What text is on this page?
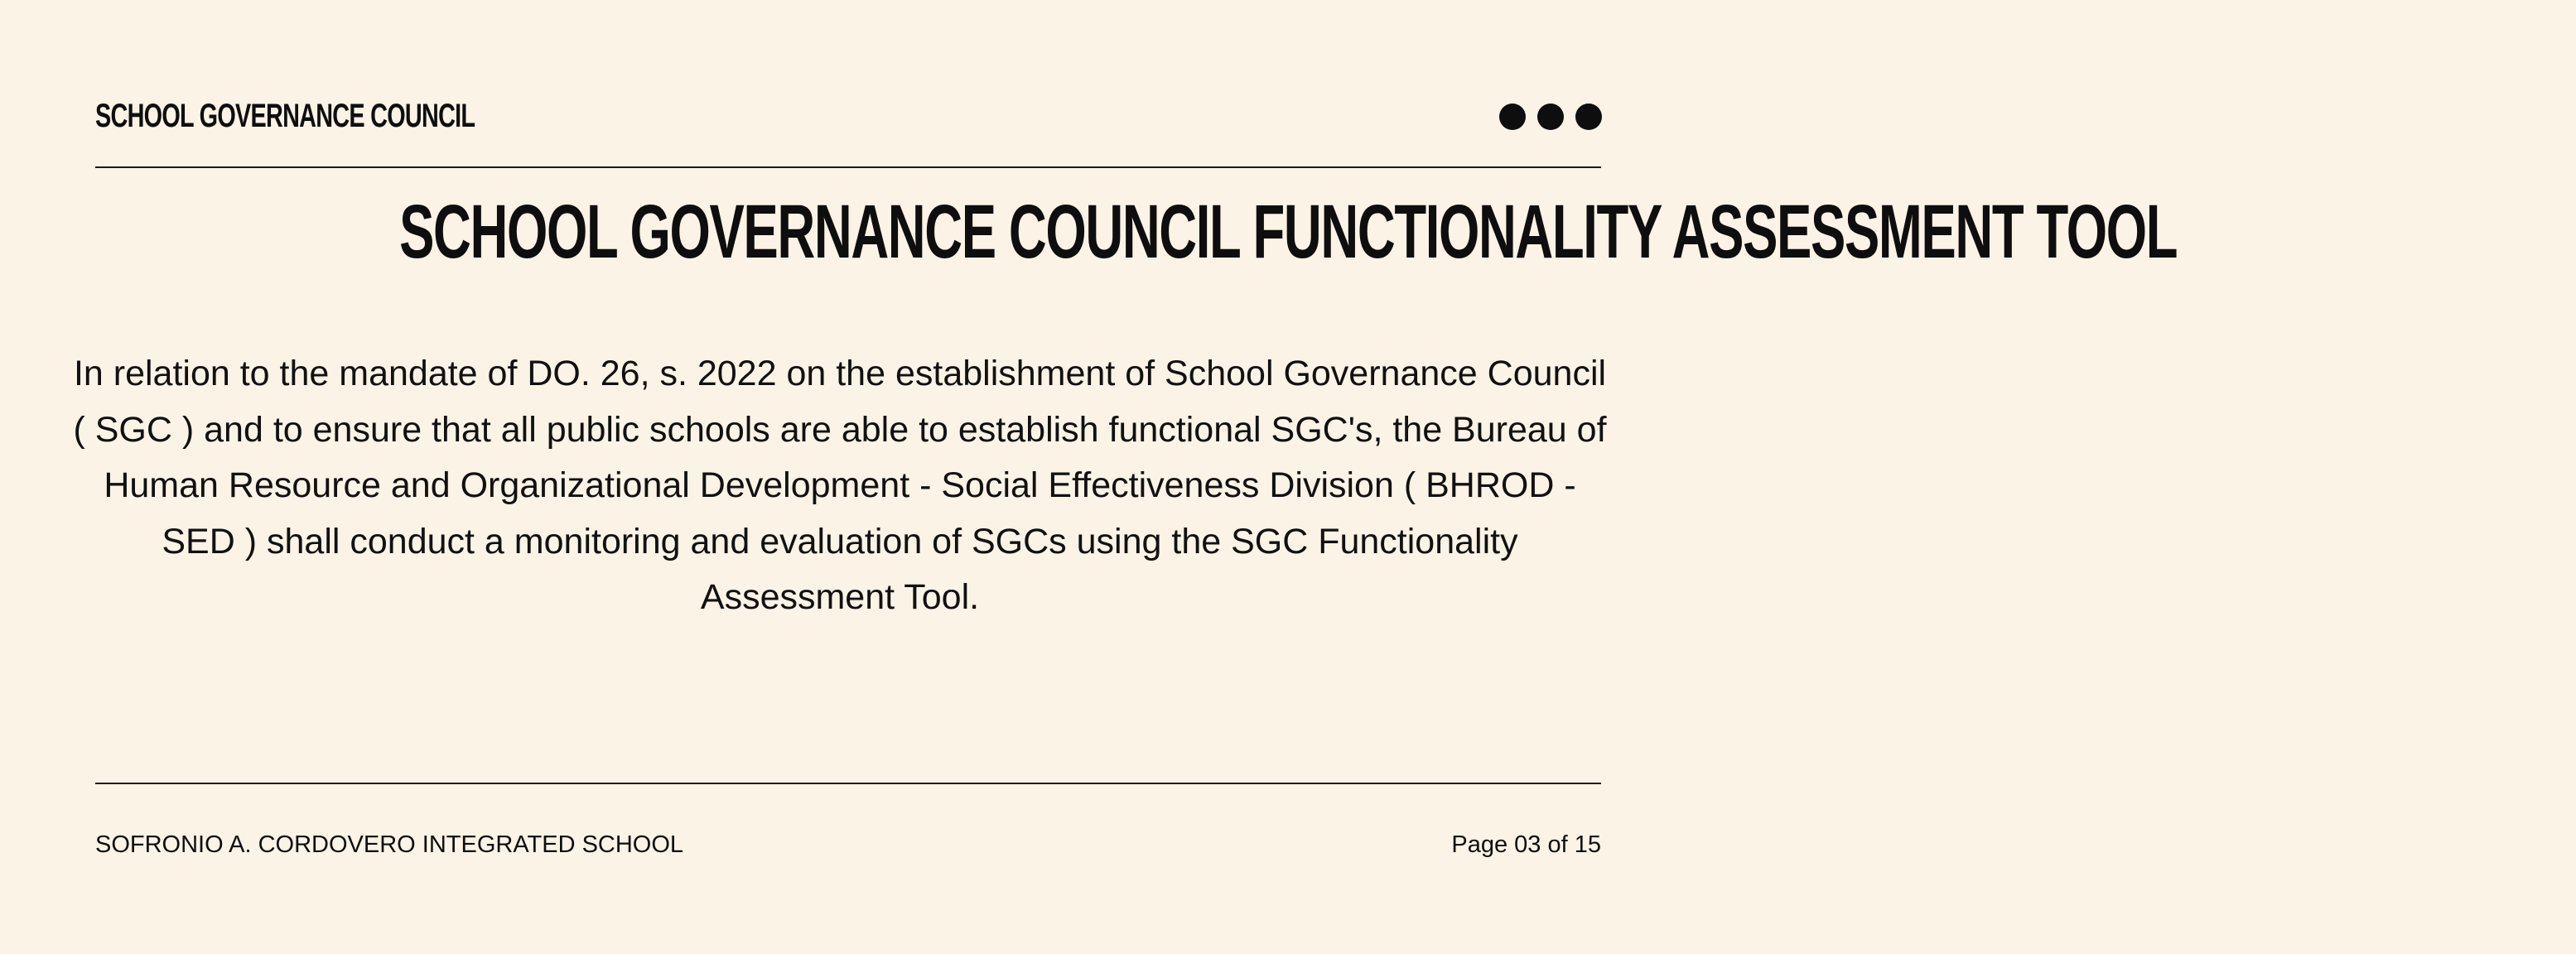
SCHOOL GOVERNANCE COUNCIL
SCHOOL GOVERNANCE COUNCIL FUNCTIONALITY ASSESSMENT TOOL

In relation to the mandate of DO. 26, s. 2022 on the establishment of School Governance Council ( SGC ) and to ensure that all public schools are able to establish functional SGC's, the Bureau of Human Resource and Organizational Development - Social Effectiveness Division ( BHROD - SED ) shall conduct a monitoring and evaluation of SGCs using the SGC Functionality Assessment Tool.

SOFRONIO A. CORDOVERO INTEGRATED SCHOOL	Page 03 of 15
